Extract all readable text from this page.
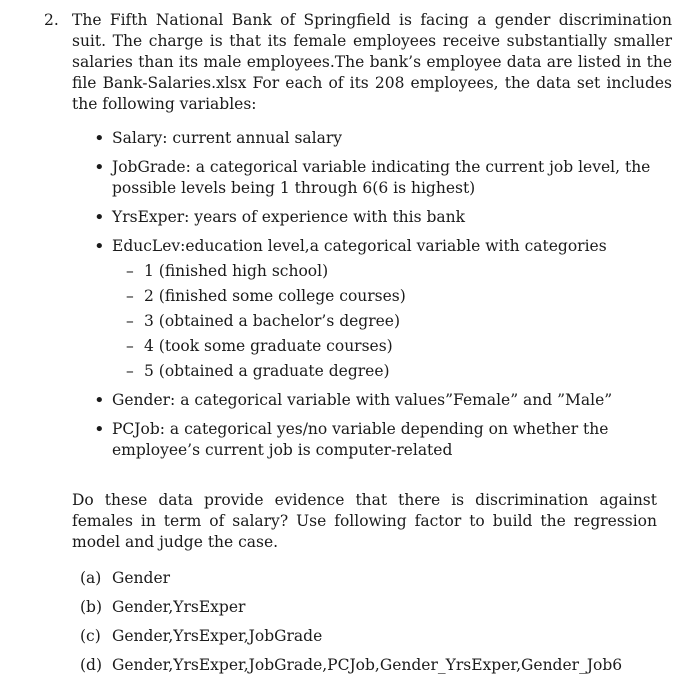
2. The Fifth National Bank of Springfield is facing a gender discrimination suit. The charge is that its female employees receive substantially smaller salaries than its male employees.The bank’s employee data are listed in the file Bank-Salaries.xlsx For each of its 208 employees, the data set includes the following variables:
• Salary: current annual salary
• JobGrade: a categorical variable indicating the current job level, the possible levels being 1 through 6(6 is highest)
• YrsExper: years of experience with this bank
• EducLev:education level,a categorical variable with categories
– 1 (finished high school)
– 2 (finished some college courses)
– 3 (obtained a bachelor’s degree)
– 4 (took some graduate courses)
– 5 (obtained a graduate degree)
• Gender: a categorical variable with values”Female” and ”Male”
• PCJob: a categorical yes/no variable depending on whether the employee’s current job is computer-related
Do these data provide evidence that there is discrimination against females in term of salary? Use following factor to build the regression model and judge the case.
(a) Gender
(b) Gender,YrsExper
(c) Gender,YrsExper,JobGrade
(d) Gender,YrsExper,JobGrade,PCJob,Gender_YrsExper,Gender_Job6
